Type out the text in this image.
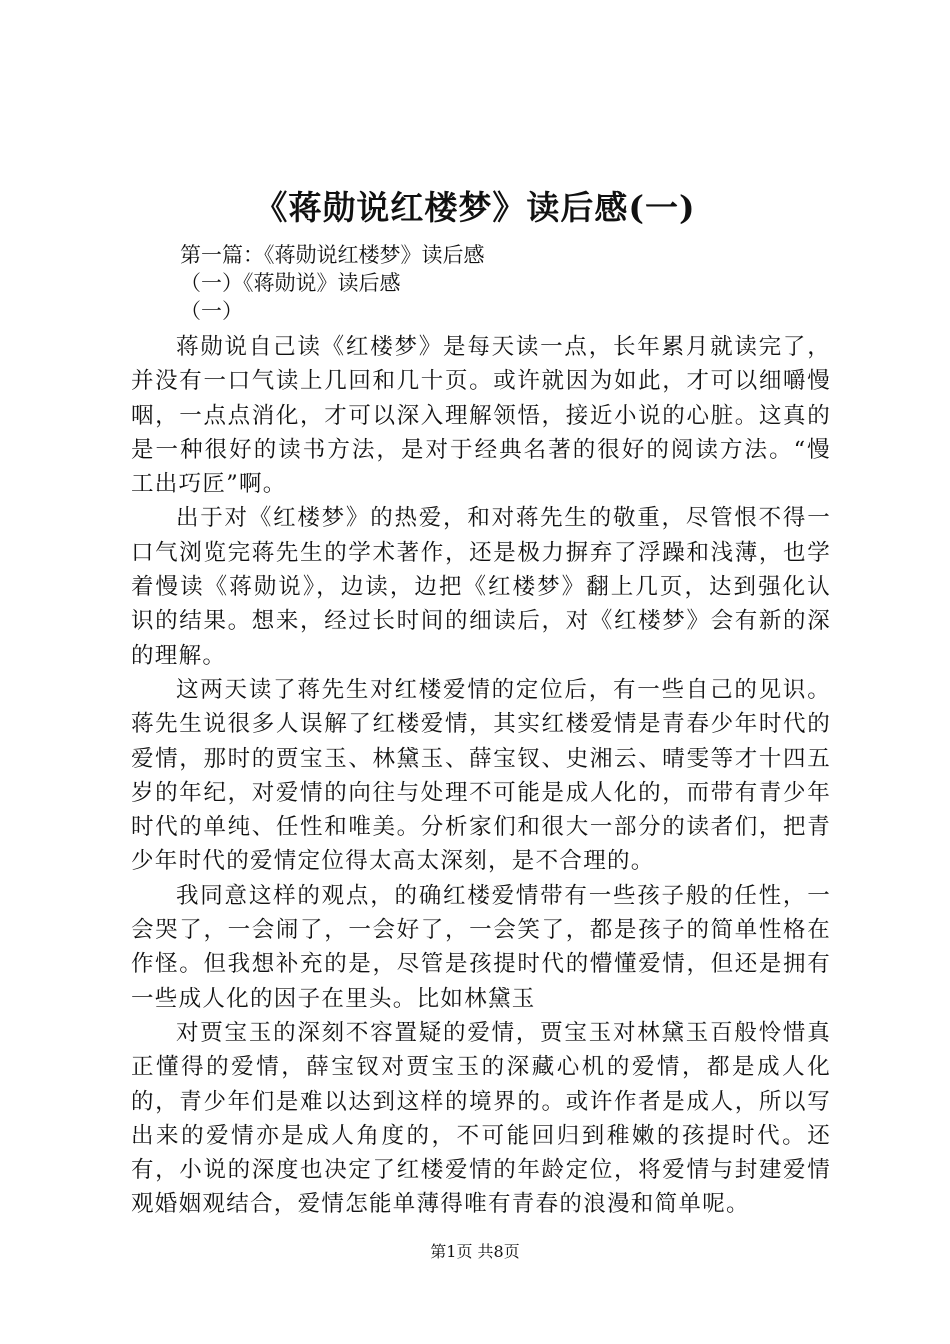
《蒋勋说红楼梦》读后感(一)
第一篇：《蒋勋说红楼梦》读后感
（一）《蒋勋说》读后感
（一）

蒋勋说自己读《红楼梦》是每天读一点，长年累月就读完了，并没有一口气读上几回和几十页。或许就因为如此，才可以细嚼慢咽，一点点消化，才可以深入理解领悟，接近小说的心脏。这真的是一种很好的读书方法，是对于经典名著的很好的阅读方法。“慢工出巧匠”啊。

出于对《红楼梦》的热爱，和对蒋先生的敬重，尽管恨不得一口气浏览完蒋先生的学术著作，还是极力摒弃了浮躁和浅薄，也学着慢读《蒋勋说》，边读，边把《红楼梦》翻上几页，达到强化认识的结果。想来，经过长时间的细读后，对《红楼梦》会有新的深的理解。

这两天读了蒋先生对红楼爱情的定位后，有一些自己的见识。蒋先生说很多人误解了红楼爱情，其实红楼爱情是青春少年时代的爱情，那时的贾宝玉、林黛玉、薛宝钗、史湘云、晴雯等才十四五岁的年纪，对爱情的向往与处理不可能是成人化的，而带有青少年时代的单纯、任性和唯美。分析家们和很大一部分的读者们，把青少年时代的爱情定位得太高太深刻，是不合理的。

我同意这样的观点，的确红楼爱情带有一些孩子般的任性，一会哭了，一会闹了，一会好了，一会笑了，都是孩子的简单性格在作怪。但我想补充的是，尽管是孩提时代的懵懂爱情，但还是拥有一些成人化的因子在里头。比如林黛玉

对贾宝玉的深刻不容置疑的爱情，贾宝玉对林黛玉百般怜惜真正懂得的爱情，薛宝钗对贾宝玉的深藏心机的爱情，都是成人化的，青少年们是难以达到这样的境界的。或许作者是成人，所以写出来的爱情亦是成人角度的，不可能回归到稚嫩的孩提时代。还有，小说的深度也决定了红楼爱情的年龄定位，将爱情与封建爱情观婚姻观结合，爱情怎能单薄得唯有青春的浪漫和简单呢。

第1页 共8页
